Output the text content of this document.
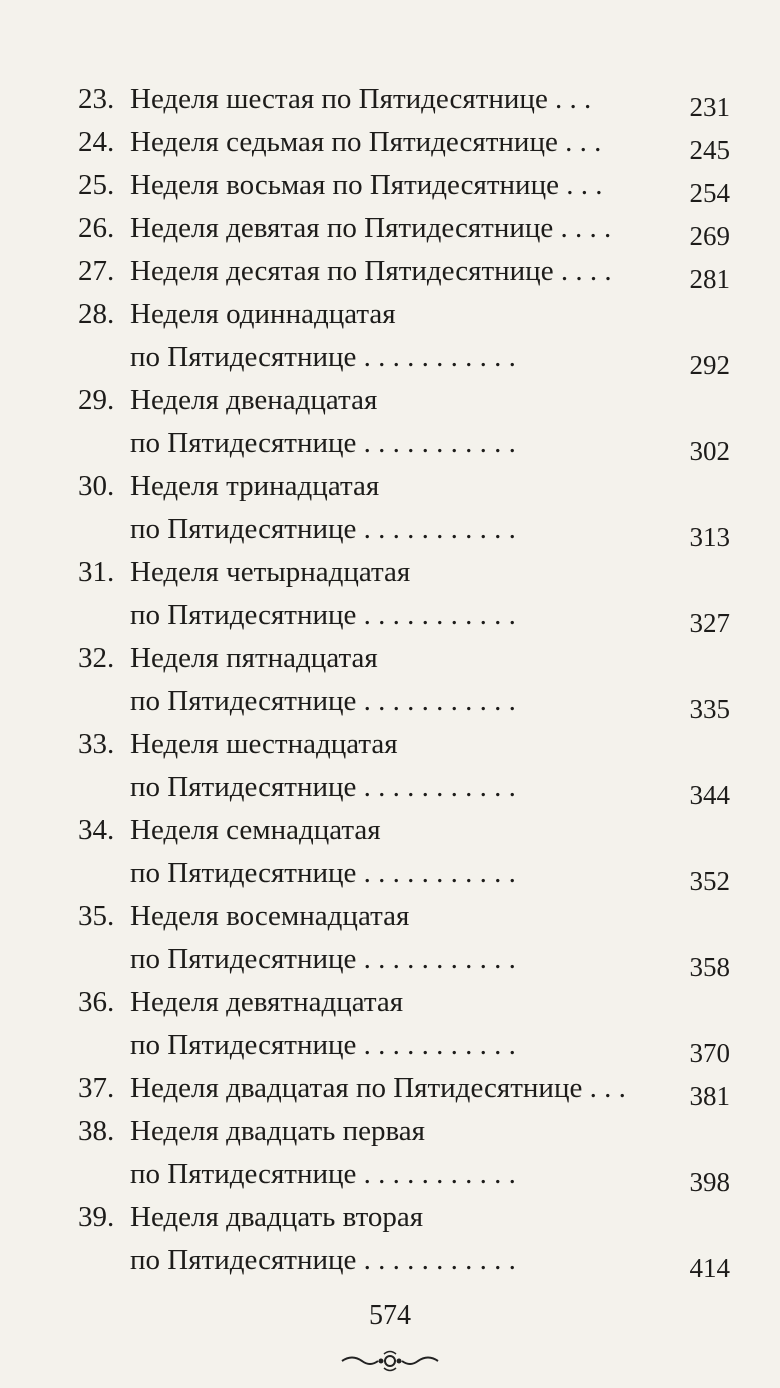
23. Неделя шестая по Пятидесятнице . . .	231
24. Неделя седьмая по Пятидесятнице . . .	245
25. Неделя восьмая по Пятидесятнице . . .	254
26. Неделя девятая по Пятидесятнице . . . .	269
27. Неделя десятая по Пятидесятнице . . . .	281
28. Неделя одиннадцатая
по Пятидесятнице . . . . . . . . . . .	292
29. Неделя двенадцатая
по Пятидесятнице . . . . . . . . . . .	302
30. Неделя тринадцатая
по Пятидесятнице . . . . . . . . . . .	313
31. Неделя четырнадцатая
по Пятидесятнице . . . . . . . . . . .	327
32. Неделя пятнадцатая
по Пятидесятнице . . . . . . . . . . .	335
33. Неделя шестнадцатая
по Пятидесятнице . . . . . . . . . . .	344
34. Неделя семнадцатая
по Пятидесятнице . . . . . . . . . . .	352
35. Неделя восемнадцатая
по Пятидесятнице . . . . . . . . . . .	358
36. Неделя девятнадцатая
по Пятидесятнице . . . . . . . . . . .	370
37. Неделя двадцатая по Пятидесятнице . . . 381
38. Неделя двадцать первая
по Пятидесятнице . . . . . . . . . . .	398
39. Неделя двадцать вторая
по Пятидесятнице . . . . . . . . . . .	414
574
